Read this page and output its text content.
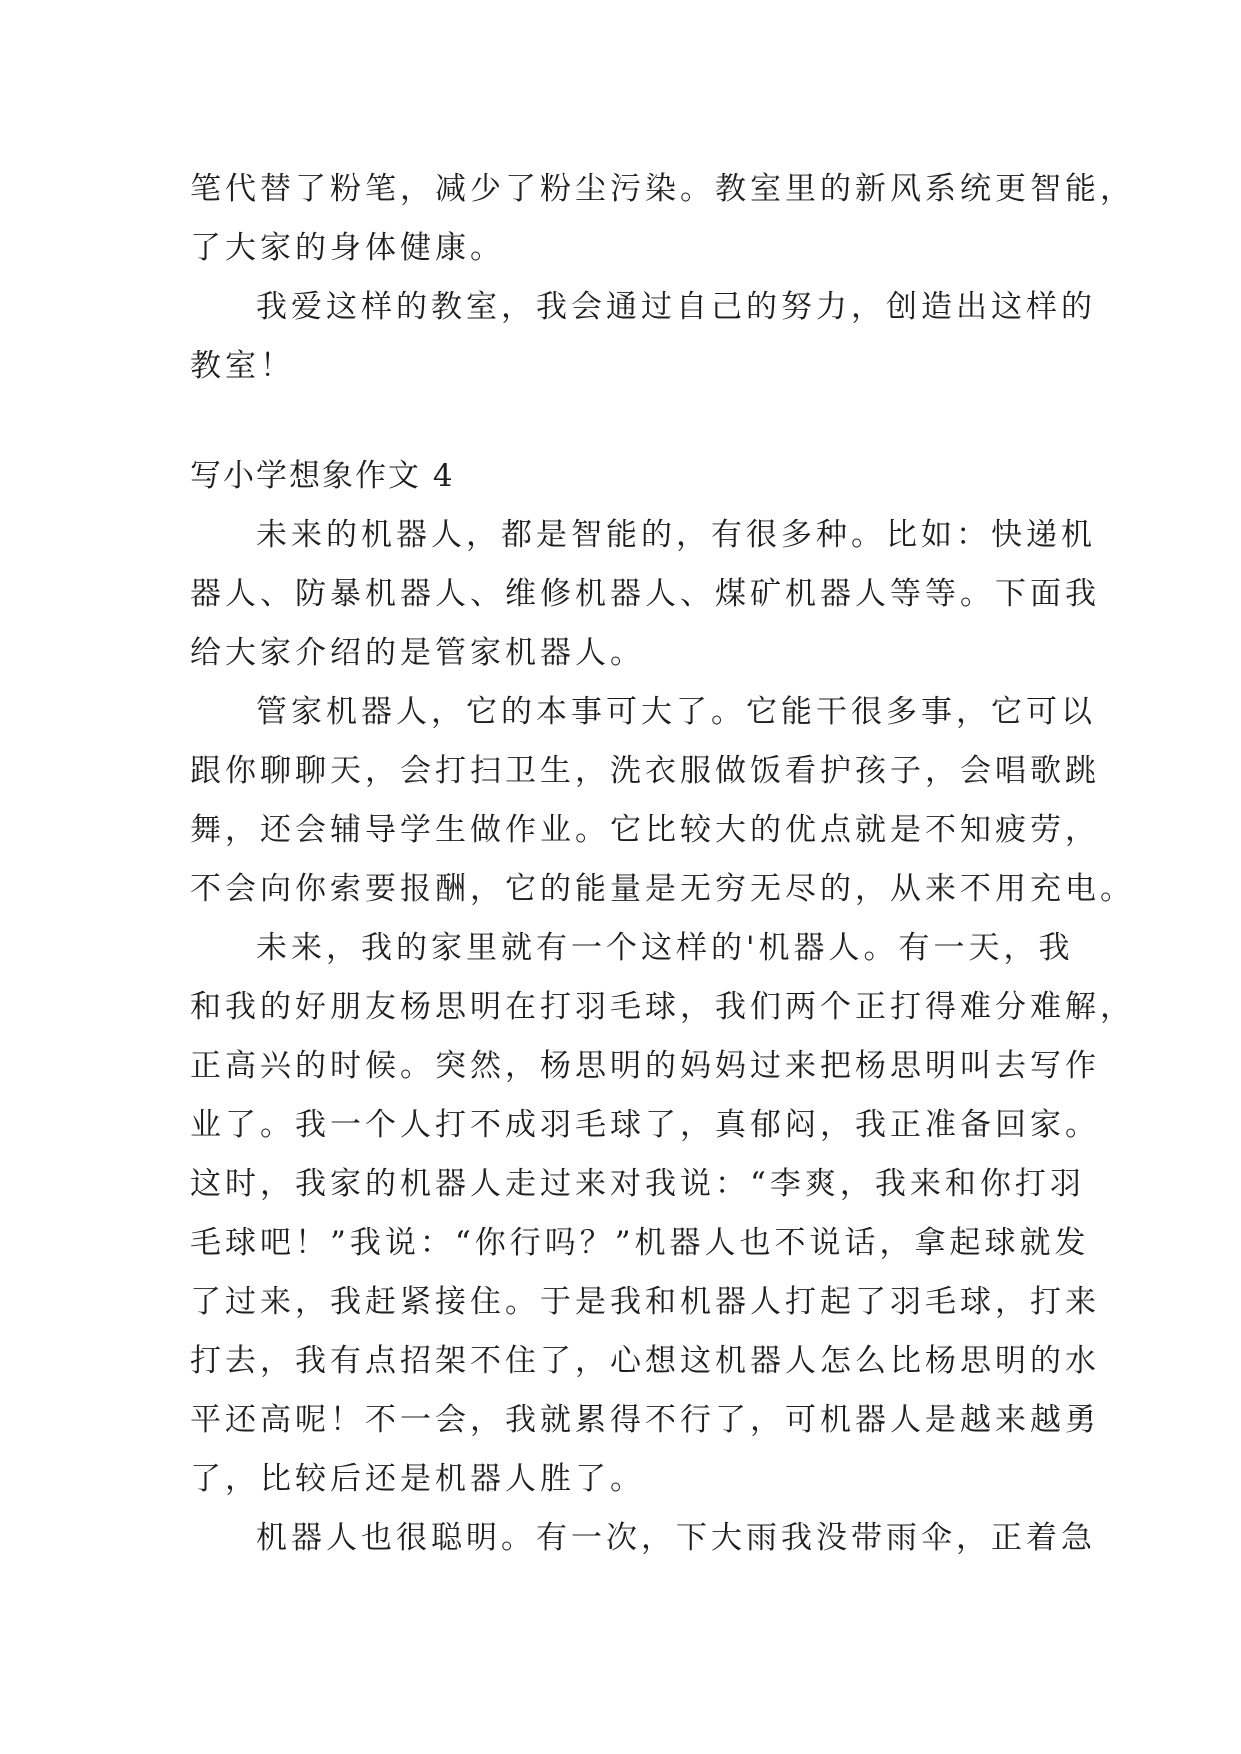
笔代替了粉笔，减少了粉尘污染。教室里的新风系统更智能，
了大家的身体健康。
我爱这样的教室，我会通过自己的努力，创造出这样的
教室！
写小学想象作文 4
未来的机器人，都是智能的，有很多种。比如：快递机
器人、防暴机器人、维修机器人、煤矿机器人等等。下面我
给大家介绍的是管家机器人。
管家机器人，它的本事可大了。它能干很多事，它可以
跟你聊聊天，会打扫卫生，洗衣服做饭看护孩子，会唱歌跳
舞，还会辅导学生做作业。它比较大的优点就是不知疲劳，
不会向你索要报酬，它的能量是无穷无尽的，从来不用充电。
未来，我的家里就有一个这样的'机器人。有一天，我
和我的好朋友杨思明在打羽毛球，我们两个正打得难分难解，
正高兴的时候。突然，杨思明的妈妈过来把杨思明叫去写作
业了。我一个人打不成羽毛球了，真郁闷，我正准备回家。
这时，我家的机器人走过来对我说：“李爽，我来和你打羽
毛球吧！”我说：“你行吗？”机器人也不说话，拿起球就发
了过来，我赶紧接住。于是我和机器人打起了羽毛球，打来
打去，我有点招架不住了，心想这机器人怎么比杨思明的水
平还高呢！不一会，我就累得不行了，可机器人是越来越勇
了，比较后还是机器人胜了。
机器人也很聪明。有一次，下大雨我没带雨伞，正着急
